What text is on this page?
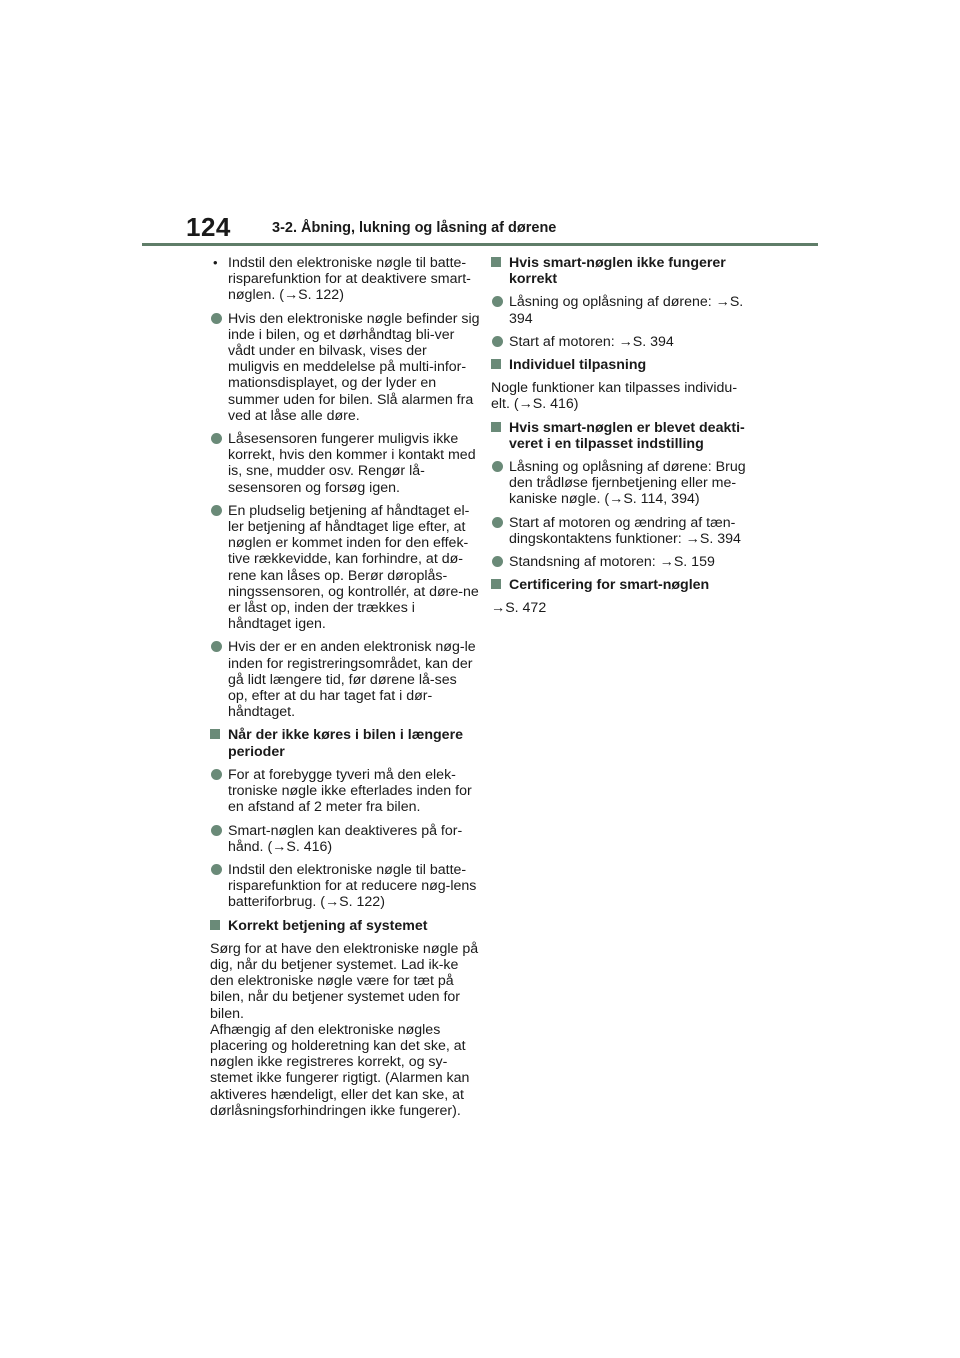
124	3-2. Åbning, lukning og låsning af dørene
• Indstil den elektroniske nøgle til batte-risparefunktion for at deaktivere smart-nøglen. (→S. 122)
Hvis den elektroniske nøgle befinder sig inde i bilen, og et dørhåndtag bli-ver vådt under en bilvask, vises der muligvis en meddelelse på multi-infor-mationsdisplayet, og der lyder en summer uden for bilen. Slå alarmen fra ved at låse alle døre.
Låsesensoren fungerer muligvis ikke korrekt, hvis den kommer i kontakt med is, sne, mudder osv. Rengør lå-sesensoren og forsøg igen.
En pludselig betjening af håndtaget el-ler betjening af håndtaget lige efter, at nøglen er kommet inden for den effek-tive rækkevidde, kan forhindre, at dø-rene kan låses op. Berør døroplås-ningssensoren, og kontrollér, at døre-ne er låst op, inden der trækkes i håndtaget igen.
Hvis der er en anden elektronisk nøg-le inden for registreringsområdet, kan der gå lidt længere tid, før dørene lå-ses op, efter at du har taget fat i dør-håndtaget.
Når der ikke køres i bilen i længere perioder
For at forebygge tyveri må den elek-troniske nøgle ikke efterlades inden for en afstand af 2 meter fra bilen.
Smart-nøglen kan deaktiveres på for-hånd. (→S. 416)
Indstil den elektroniske nøgle til batte-risparefunktion for at reducere nøg-lens batteriforbrug. (→S. 122)
Korrekt betjening af systemet
Sørg for at have den elektroniske nøgle på dig, når du betjener systemet. Lad ik-ke den elektroniske nøgle være for tæt på bilen, når du betjener systemet uden for bilen.
Afhængig af den elektroniske nøgles placering og holderetning kan det ske, at nøglen ikke registreres korrekt, og sy-stemet ikke fungerer rigtigt. (Alarmen kan aktiveres hændeligt, eller det kan ske, at dørlåsningsforhindringen ikke fungerer).
Hvis smart-nøglen ikke fungerer korrekt
Låsning og oplåsning af dørene: →S. 394
Start af motoren: →S. 394
Individuel tilpasning
Nogle funktioner kan tilpasses individu-elt. (→S. 416)
Hvis smart-nøglen er blevet deakti-veret i en tilpasset indstilling
Låsning og oplåsning af dørene: Brug den trådløse fjernbetjening eller me-kaniske nøgle. (→S. 114, 394)
Start af motoren og ændring af tæn-dingskontaktens funktioner: →S. 394
Standsning af motoren: →S. 159
Certificering for smart-nøglen
→S. 472
